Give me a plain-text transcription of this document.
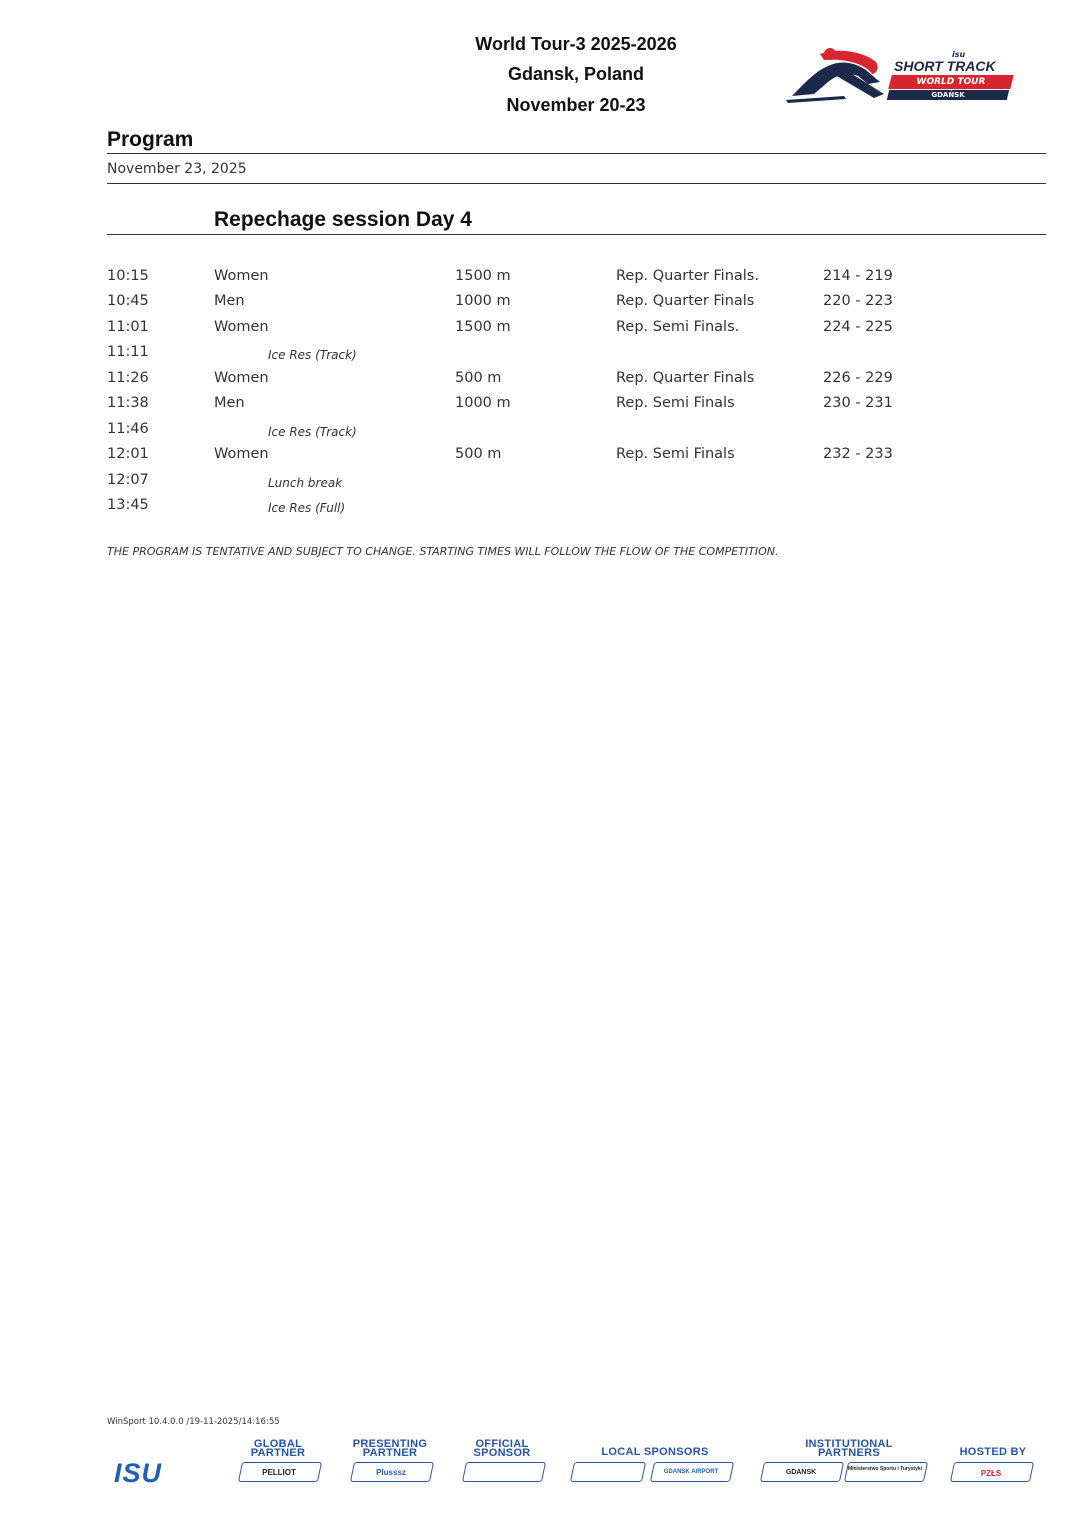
World Tour-3 2025-2026
Gdansk, Poland
November 20-23
isu
SHORT TRACK
WORLD TOUR
GDAŃSK
Program
November 23, 2025
Repechage session Day 4
10:15	Women	1500 m	Rep. Quarter Finals.	214 - 219
10:45	Men	1000 m	Rep. Quarter Finals	220 - 223
11:01	Women	1500 m	Rep. Semi Finals.	224 - 225
11:11	Ice Res (Track)
11:26	Women	500 m	Rep. Quarter Finals	226 - 229
11:38	Men	1000 m	Rep. Semi Finals	230 - 231
11:46	Ice Res (Track)
12:01	Women	500 m	Rep. Semi Finals	232 - 233
12:07	Lunch break
13:45	Ice Res (Full)
THE PROGRAM IS TENTATIVE AND SUBJECT TO CHANGE. STARTING TIMES WILL FOLLOW THE FLOW OF THE COMPETITION.
WinSport 10.4.0.0 /19-11-2025/14:16:55
ISU
GLOBAL
PARTNER
PELLIOT
PRESENTING
PARTNER
Plusssz
OFFICIAL
SPONSOR	LOCAL SPONSORS
GDANSK AIRPORT
INSTITUTIONAL
PARTNERS
GDANSK	Ministerstwo Sportu i Turystyki
HOSTED BY
PZŁS
